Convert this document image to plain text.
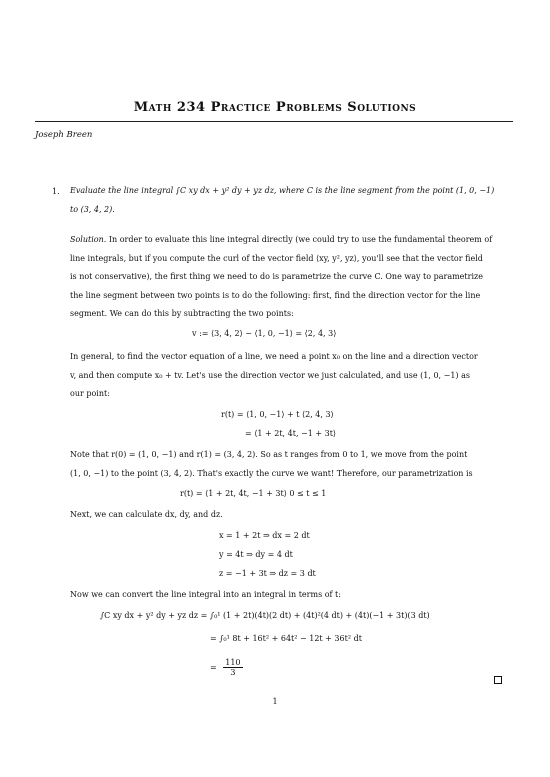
Math 234 Practice Problems Solutions
Joseph Breen
1. Evaluate the line integral ∫C xy dx + y² dy + yz dz, where C is the line segment from the point (1, 0, −1)
to (3, 4, 2).
Solution. In order to evaluate this line integral directly (we could try to use the fundamental theorem of
line integrals, but if you compute the curl of the vector field ⟨xy, y², yz⟩, you'll see that the vector field
is not conservative), the first thing we need to do is parametrize the curve C. One way to parametrize
the line segment between two points is to do the following: first, find the direction vector for the line
segment. We can do this by subtracting the two points:
v := ⟨3, 4, 2⟩ − ⟨1, 0, −1⟩ = ⟨2, 4, 3⟩
In general, to find the vector equation of a line, we need a point x₀ on the line and a direction vector
v, and then compute x₀ + tv. Let's use the direction vector we just calculated, and use (1, 0, −1) as
our point:
r(t) = ⟨1, 0, −1⟩ + t ⟨2, 4, 3⟩
= ⟨1 + 2t, 4t, −1 + 3t⟩
Note that r(0) = (1, 0, −1) and r(1) = (3, 4, 2). So as t ranges from 0 to 1, we move from the point
(1, 0, −1) to the point (3, 4, 2). That's exactly the curve we want! Therefore, our parametrization is
r(t) = ⟨1 + 2t, 4t, −1 + 3t⟩ 0 ≤ t ≤ 1
Next, we can calculate dx, dy, and dz.
x = 1 + 2t ⇒ dx = 2 dt
y = 4t ⇒ dy = 4 dt
z = −1 + 3t ⇒ dz = 3 dt
Now we can convert the line integral into an integral in terms of t:
∫C xy dx + y² dy + yz dz = ∫₀¹ (1 + 2t)(4t)(2 dt) + (4t)²(4 dt) + (4t)(−1 + 3t)(3 dt)
= ∫₀¹ 8t + 16t² + 64t² − 12t + 36t² dt
= $\frac{110}{3}$
1
